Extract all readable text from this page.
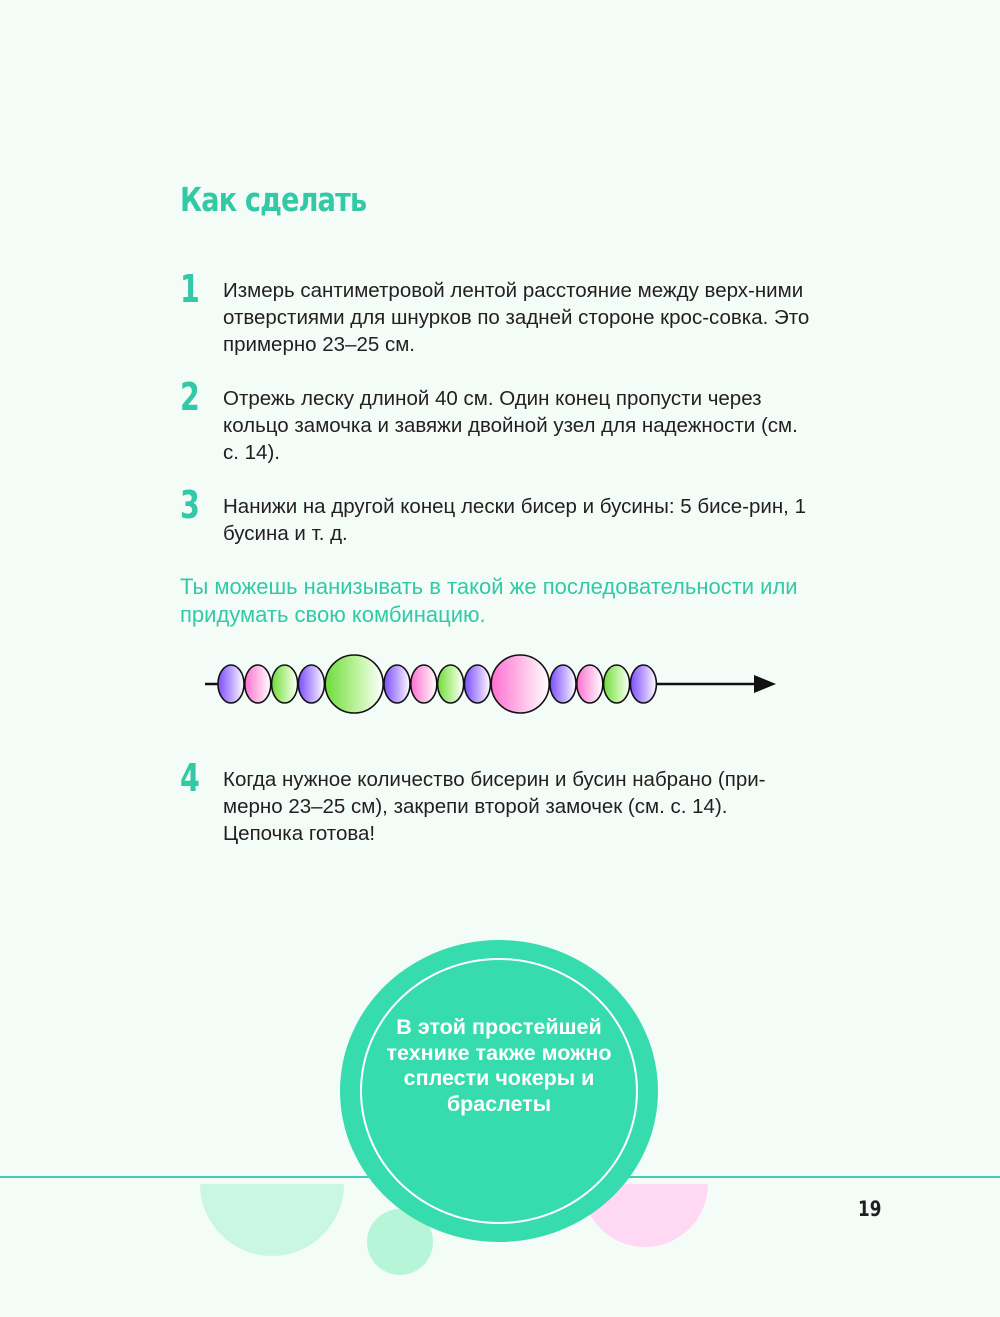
Как сделать
1 Измерь сантиметровой лентой расстояние между верх-ними отверстиями для шнурков по задней стороне крос-совка. Это примерно 23–25 см.
2 Отрежь леску длиной 40 см. Один конец пропусти через кольцо замочка и завяжи двойной узел для надежности (см. с. 14).
3 Нанижи на другой конец лески бисер и бусины: 5 бисе-рин, 1 бусина и т. д.
Ты можешь нанизывать в такой же последовательности или придумать свою комбинацию.
4 Когда нужное количество бисерин и бусин набрано (при-мерно 23–25 см), закрепи второй замочек (см. с. 14). Цепочка готова!
В этой простейшей технике также можно сплести чокеры и браслеты
19
